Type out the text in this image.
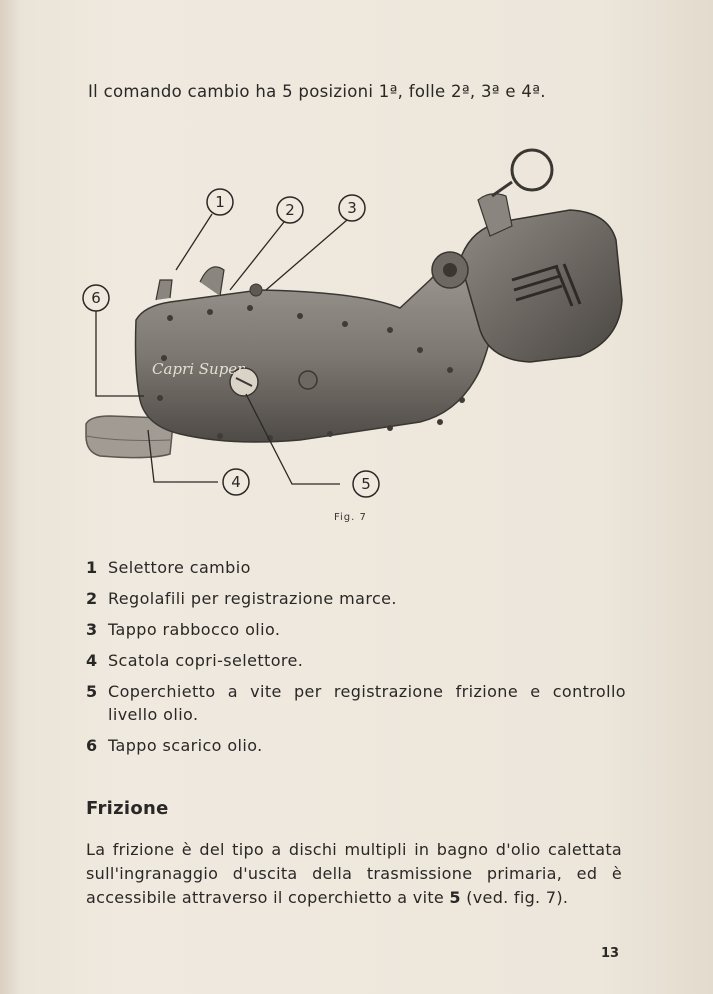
Il comando cambio ha 5 posizioni 1ª, folle 2ª, 3ª e 4ª.
Capri Super
1	2	3
6
4	5
Fig. 7
1 Selettore cambio
2 Regolafili per registrazione marce.
3 Tappo rabbocco olio.
4 Scatola copri-selettore.
5 Coperchietto a vite per registrazione frizione e controllo livello olio.
6 Tappo scarico olio.
Frizione
La frizione è del tipo a dischi multipli in bagno d'olio calettata sull'ingranaggio d'uscita della trasmissione primaria, ed è accessibile attraverso il coperchietto a vite 5 (ved. fig. 7).
13
